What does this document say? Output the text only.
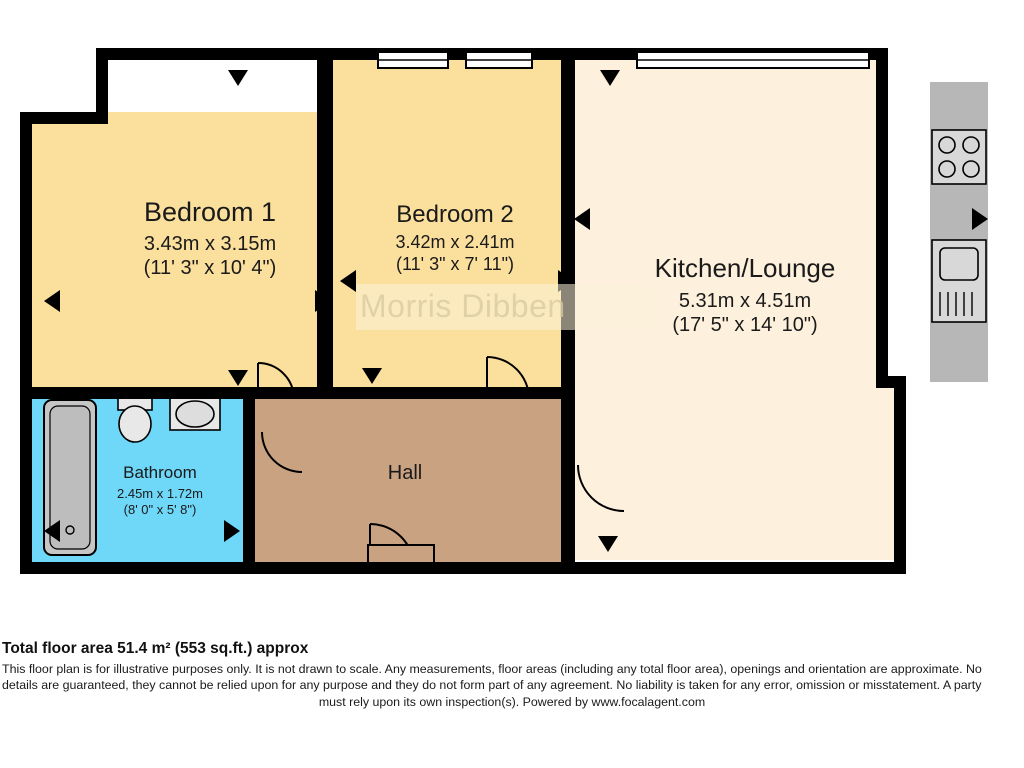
Morris Dibben
Bedroom 1
3.43m x 3.15m
(11' 3" x 10' 4")
Bedroom 2
3.42m x 2.41m
(11' 3" x 7' 11")	Kitchen/Lounge
5.31m x 4.51m
(17' 5" x 14' 10")
Bathroom
2.45m x 1.72m
(8' 0" x 5' 8")
Hall

Total floor area 51.4 m² (553 sq.ft.) approx

This floor plan is for illustrative purposes only. It is not drawn to scale. Any measurements, floor areas (including any total floor area), openings and orientation are approximate. No
details are guaranteed, they cannot be relied upon for any purpose and they do not form part of any agreement. No liability is taken for any error, omission or misstatement. A party
must rely upon its own inspection(s). Powered by www.focalagent.com
